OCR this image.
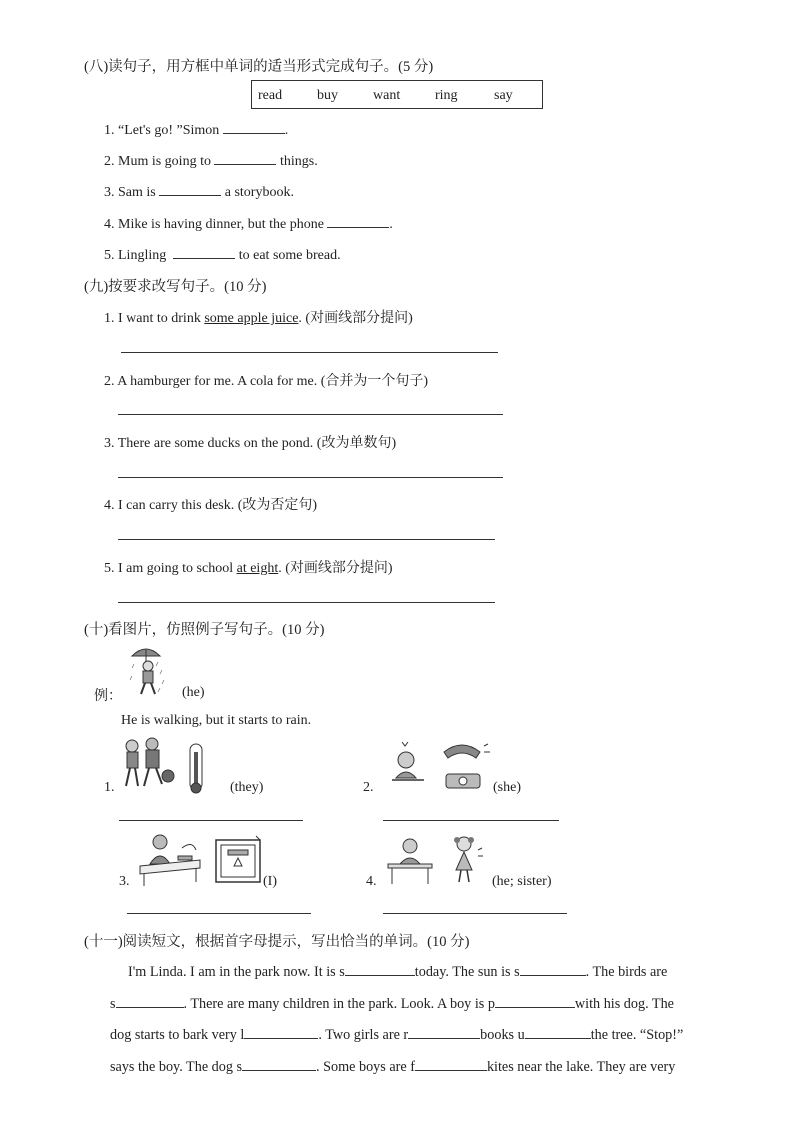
(八)读句子，用方框中单词的适当形式完成句子。(5 分)
read buy	want ring	say
1. “Let's go! ”Simon	.
2. Mum is going to	things.
3. Sam is	a storybook.
4. Mike is having dinner, but the phone	.
5. Lingling	to eat some bread.
(九)按要求改写句子。(10 分)
1. I want to drink some apple juice. (对画线部分提问)
2. A hamburger for me. A cola for me. (合并为一个句子)
3. There are some ducks on the pond. (改为单数句)
4. I can carry this desk. (改为否定句)
5. I am going to school at eight. (对画线部分提问)
(十)看图片，仿照例子写句子。(10 分)
例：	(he)
He is walking, but it starts to rain.
1.	(they)	2.	(she)
3.	(I)	4.	(he; sister)
(十一)阅读短文，根据首字母提示，写出恰当的单词。(10 分)
I'm Linda. I am in the park now. It is s	today. The sun is s	. The birds are
s	. There are many children in the park. Look. A boy is p	with his dog. The
dog starts to bark very l	. Two girls are r	books u	the tree. “Stop!”
says the boy. The dog s	. Some boys are f	kites near the lake. They are very
